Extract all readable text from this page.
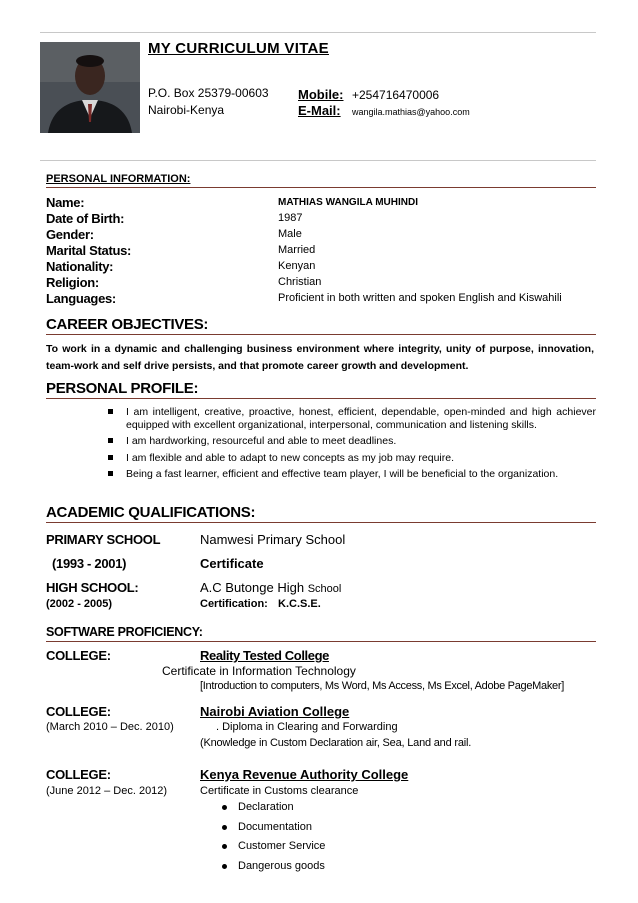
MY CURRICULUM VITAE
P.O. Box 25379-00603
Nairobi-Kenya
Mobile: +254716470006
E-Mail: wangila.mathias@yahoo.com
PERSONAL INFORMATION:
Name:	MATHIAS WANGILA MUHINDI
Date of Birth:	1987
Gender:	Male
Marital Status:	Married
Nationality:	Kenyan
Religion:	Christian
Languages:	Proficient in both written and spoken English and Kiswahili
CAREER OBJECTIVES:
To work in a dynamic and challenging business environment where integrity, unity of purpose, innovation, team-work and self drive persists, and that promote career growth and development.
PERSONAL PROFILE:
I am intelligent, creative, proactive, honest, efficient, dependable, open-minded and high achiever equipped with excellent organizational, interpersonal, communication and listening skills.
I am hardworking, resourceful and able to meet deadlines.
I am flexible and able to adapt to new concepts as my job may require.
Being a fast learner, efficient and effective team player, I will be beneficial to the organization.
ACADEMIC QUALIFICATIONS:
PRIMARY SCHOOL	Namwesi Primary School
(1993 - 2001)	Certificate
HIGH SCHOOL:	A.C Butonge High School
(2002 - 2005)	Certification: K.C.S.E.
SOFTWARE PROFICIENCY:
COLLEGE:	Reality Tested College
Certificate in Information Technology
[Introduction to computers, Ms Word, Ms Access, Ms Excel, Adobe PageMaker]
COLLEGE:	Nairobi Aviation College
(March 2010 – Dec. 2010)	. Diploma in Clearing and Forwarding
(Knowledge in Custom Declaration air, Sea, Land and rail.
COLLEGE:	Kenya Revenue Authority College
(June 2012 – Dec. 2012)	Certificate in Customs clearance
Declaration
Documentation
Customer Service
Dangerous goods
